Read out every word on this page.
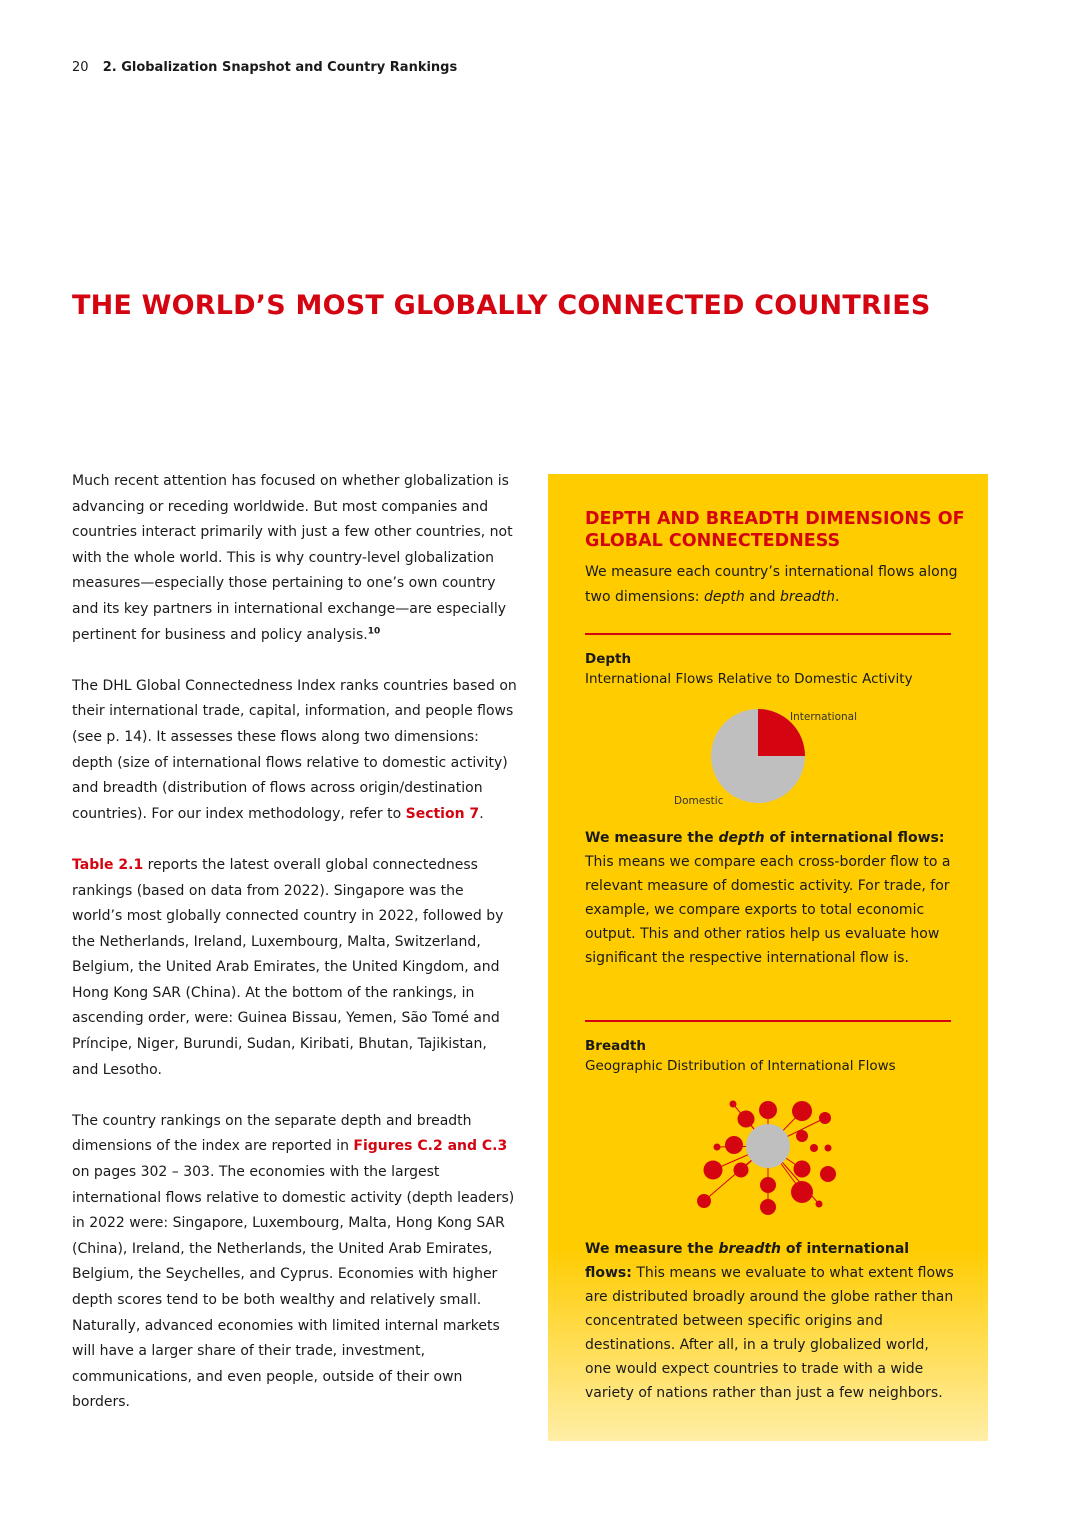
20 2. Globalization Snapshot and Country Rankings
THE WORLD’S MOST GLOBALLY CONNECTED COUNTRIES

Much recent attention has focused on whether globalization is advancing or receding worldwide. But most companies and countries interact primarily with just a few other countries, not with the whole world. This is why country-level globalization measures—especially those pertaining to one’s own country and its key partners in international exchange—are especially pertinent for business and policy analysis.$^{10}$

The DHL Global Connectedness Index ranks countries based on their international trade, capital, information, and people flows (see p. 14). It assesses these flows along two dimensions: depth (size of international flows relative to domestic activity) and breadth (distribution of flows across origin/destination countries). For our index methodology, refer to Section 7.

Table 2.1 reports the latest overall global connectedness rankings (based on data from 2022). Singapore was the world’s most globally connected country in 2022, followed by the Netherlands, Ireland, Luxembourg, Malta, Switzerland, Belgium, the United Arab Emirates, the United Kingdom, and Hong Kong SAR (China). At the bottom of the rankings, in ascending order, were: Guinea Bissau, Yemen, São Tomé and Príncipe, Niger, Burundi, Sudan, Kiribati, Bhutan, Tajikistan, and Lesotho.

The country rankings on the separate depth and breadth dimensions of the index are reported in Figures C.2 and C.3 on pages 302 – 303. The economies with the largest international flows relative to domestic activity (depth leaders) in 2022 were: Singapore, Luxembourg, Malta, Hong Kong SAR (China), Ireland, the Netherlands, the United Arab Emirates, Belgium, the Seychelles, and Cyprus. Economies with higher depth scores tend to be both wealthy and relatively small. Naturally, advanced economies with limited internal markets will have a larger share of their trade, investment, communications, and even people, outside of their own borders.

DEPTH AND BREADTH DIMENSIONS OF GLOBAL CONNECTEDNESS

We measure each country’s international flows along two dimensions: depth and breadth.

Depth
International Flows Relative to Domestic Activity
International
Domestic

We measure the depth of international flows: This means we compare each cross-border flow to a relevant measure of domestic activity. For trade, for example, we compare exports to total economic output. This and other ratios help us evaluate how significant the respective international flow is.

Breadth
Geographic Distribution of International Flows

We measure the breadth of international flows: This means we evaluate to what extent flows are distributed broadly around the globe rather than concentrated between specific origins and destinations. After all, in a truly globalized world, one would expect countries to trade with a wide variety of nations rather than just a few neighbors.
